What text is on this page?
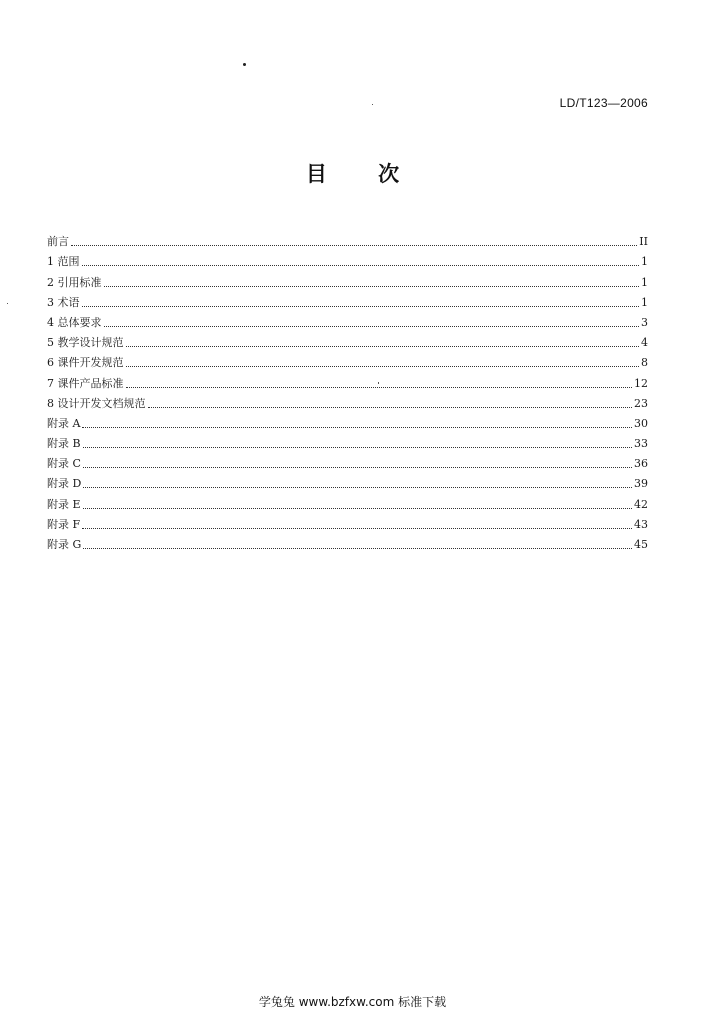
LD/T123—2006
目 次
前言	II
1 范围	1
2 引用标准	1
3 术语	1
4 总体要求	3
5 教学设计规范	4
6 课件开发规范	8
7 课件产品标准	12
8 设计开发文档规范	23
附录 A	30
附录 B	33
附录 C	36
附录 D	39
附录 E	42
附录 F	43
附录 G	45
学兔兔 www.bzfxw.com 标准下载
